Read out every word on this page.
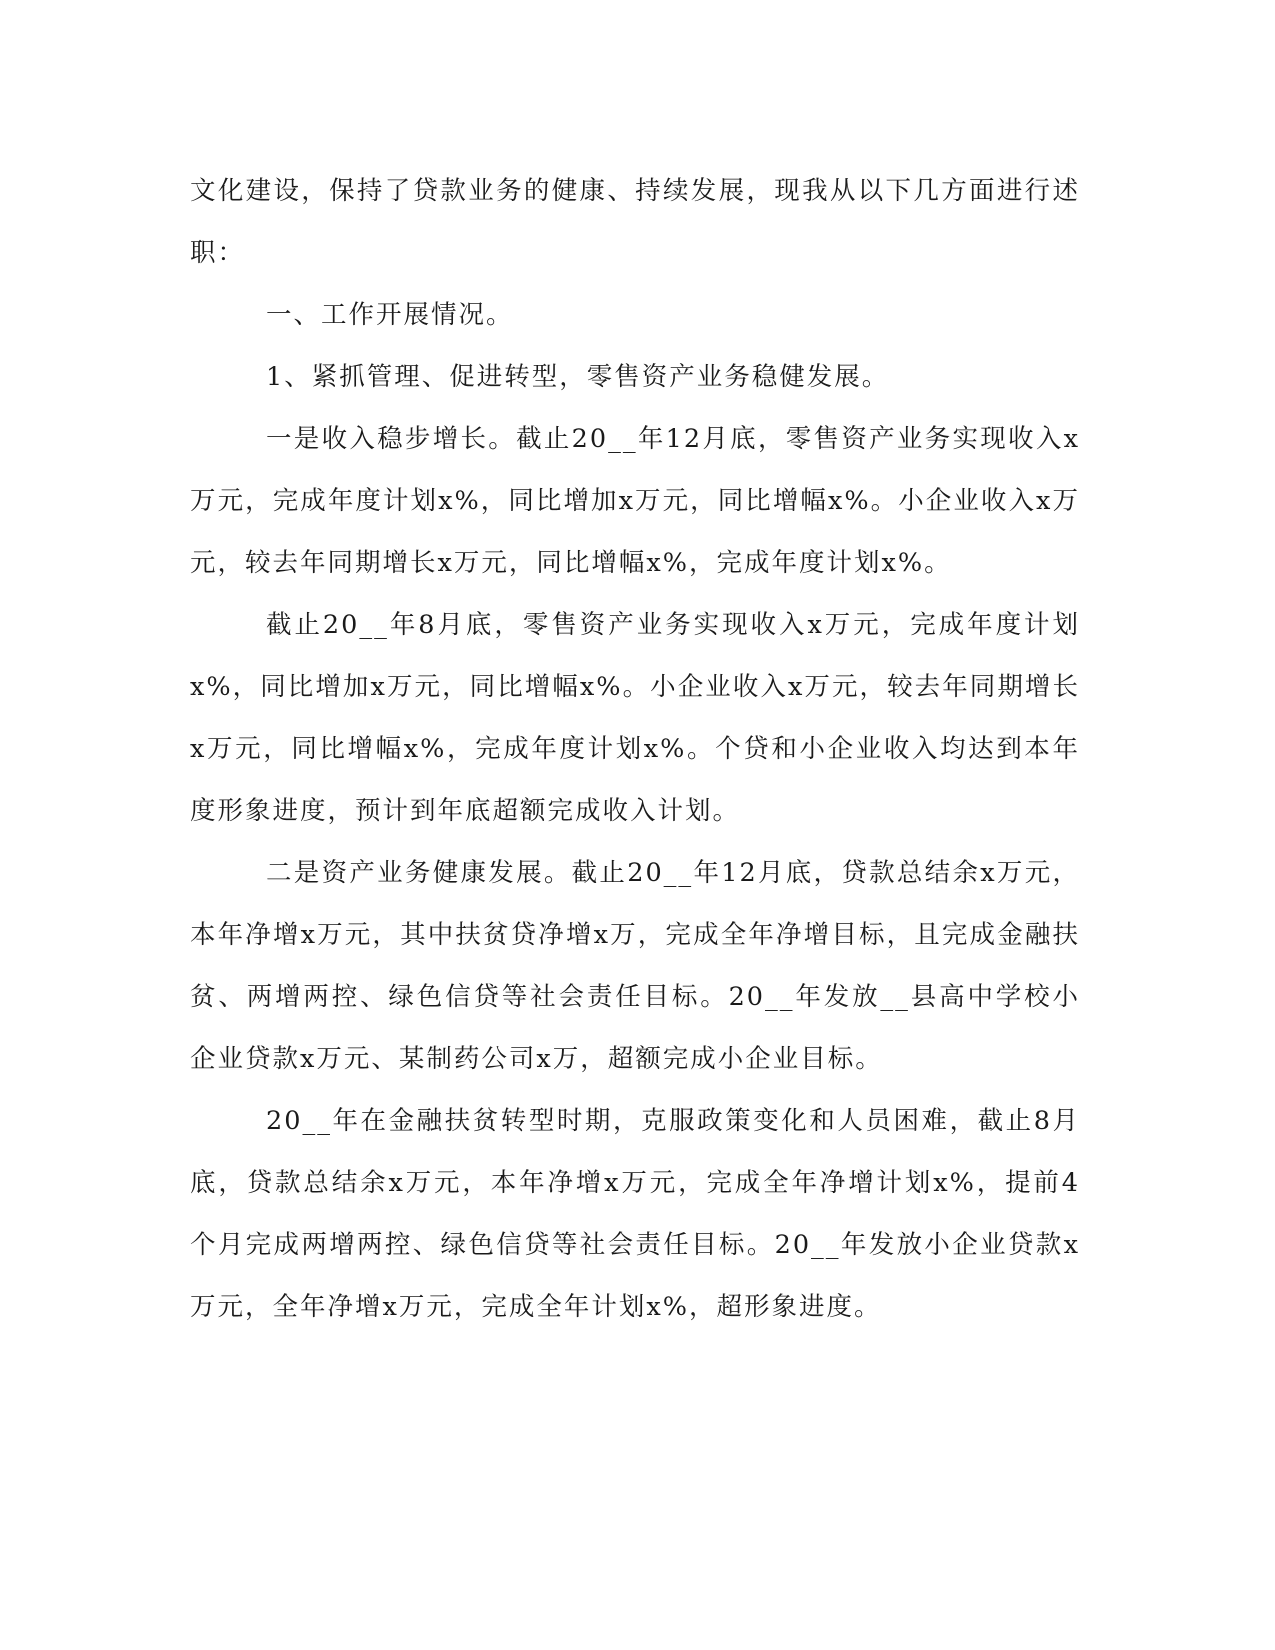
文化建设，保持了贷款业务的健康、持续发展，现我从以下几方面进行述职：

一、工作开展情况。

1、紧抓管理、促进转型，零售资产业务稳健发展。

一是收入稳步增长。截止20__年12月底，零售资产业务实现收入x万元，完成年度计划x%，同比增加x万元，同比增幅x%。小企业收入x万元，较去年同期增长x万元，同比增幅x%，完成年度计划x%。

截止20__年8月底，零售资产业务实现收入x万元，完成年度计划x%，同比增加x万元，同比增幅x%。小企业收入x万元，较去年同期增长x万元，同比增幅x%，完成年度计划x%。个贷和小企业收入均达到本年度形象进度，预计到年底超额完成收入计划。

二是资产业务健康发展。截止20__年12月底，贷款总结余x万元，本年净增x万元，其中扶贫贷净增x万，完成全年净增目标，且完成金融扶贫、两增两控、绿色信贷等社会责任目标。20__年发放__县高中学校小企业贷款x万元、某制药公司x万，超额完成小企业目标。

20__年在金融扶贫转型时期，克服政策变化和人员困难，截止8月底，贷款总结余x万元，本年净增x万元，完成全年净增计划x%，提前4个月完成两增两控、绿色信贷等社会责任目标。20__年发放小企业贷款x万元，全年净增x万元，完成全年计划x%，超形象进度。
